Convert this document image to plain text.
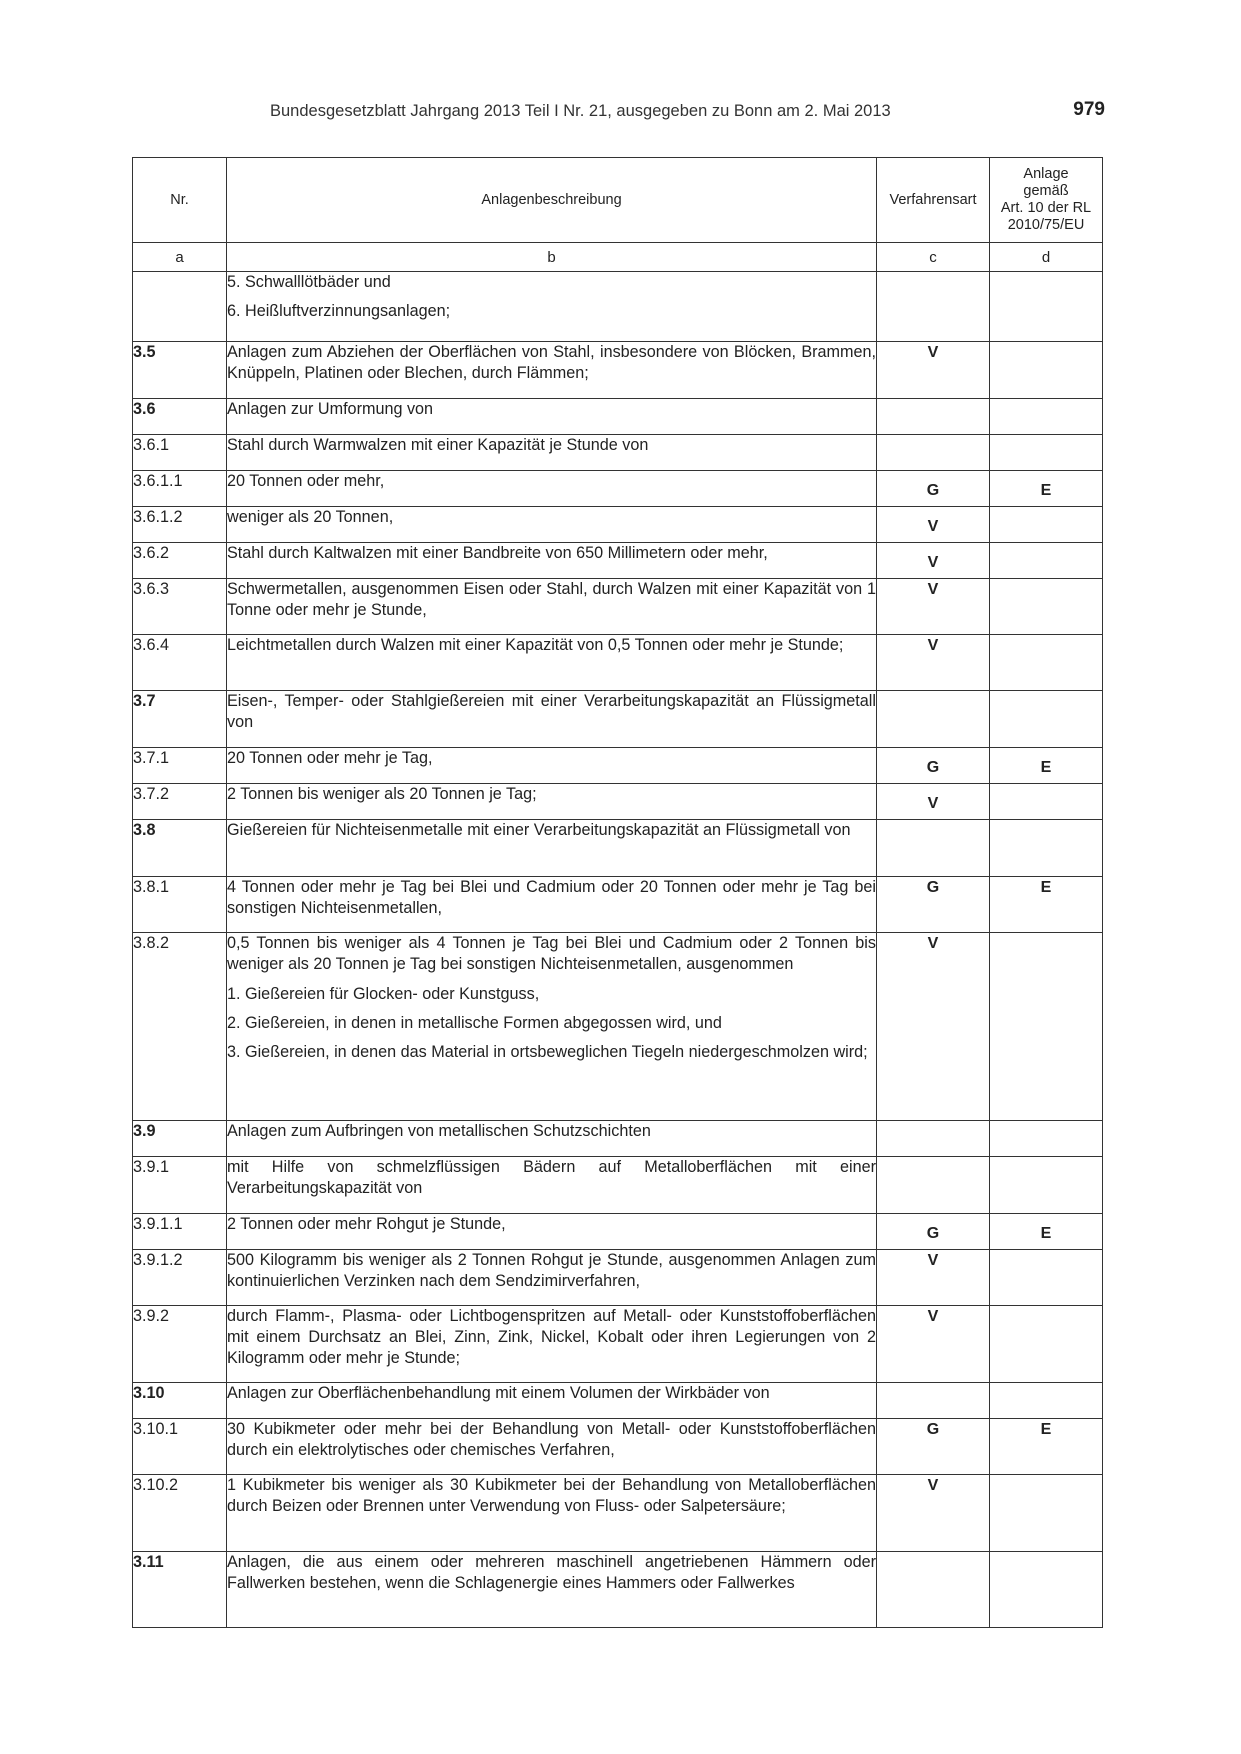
Bundesgesetzblatt Jahrgang 2013 Teil I Nr. 21, ausgegeben zu Bonn am 2. Mai 2013	979
Nr.	Anlagenbeschreibung	Verfahrensart	Anlage
gemäß
Art. 10 der RL
2010/75/EU
a	b	c	d

	5. Schwalllötbäder und
6. Heißluftverzinnungsanlagen;		

3.5	Anlagen zum Abziehen der Oberflächen von Stahl, insbesondere von Blöcken, Brammen, Knüppeln, Platinen oder Blechen, durch Flämmen;	V	
3.6	Anlagen zur Umformung von		

3.6.1	Stahl durch Warmwalzen mit einer Kapazität je Stunde von		

3.6.1.1	20 Tonnen oder mehr,	G	E
3.6.1.2	weniger als 20 Tonnen,	V	
3.6.2	Stahl durch Kaltwalzen mit einer Bandbreite von 650 Millimetern oder mehr,	V	
3.6.3	Schwermetallen, ausgenommen Eisen oder Stahl, durch Walzen mit einer Kapazität von 1 Tonne oder mehr je Stunde,	V	
3.6.4	Leichtmetallen durch Walzen mit einer Kapazität von 0,5 Tonnen oder mehr je Stunde;	V	
3.7	Eisen-, Temper- oder Stahlgießereien mit einer Verarbeitungskapazität an Flüssigmetall von		

3.7.1	20 Tonnen oder mehr je Tag,	G	E
3.7.2	2 Tonnen bis weniger als 20 Tonnen je Tag;	V	
3.8	Gießereien für Nichteisenmetalle mit einer Verarbeitungskapazität an Flüssigmetall von		

3.8.1	4 Tonnen oder mehr je Tag bei Blei und Cadmium oder 20 Tonnen oder mehr je Tag bei sonstigen Nichteisenmetallen,	G	E
3.8.2	0,5 Tonnen bis weniger als 4 Tonnen je Tag bei Blei und Cadmium oder 2 Tonnen bis weniger als 20 Tonnen je Tag bei sonstigen Nichteisenmetallen, ausgenommen
1. Gießereien für Glocken- oder Kunstguss,
2. Gießereien, in denen in metallische Formen abgegossen wird, und
3. Gießereien, in denen das Material in ortsbeweglichen Tiegeln niedergeschmolzen wird;	V	
3.9	Anlagen zum Aufbringen von metallischen Schutzschichten		

3.9.1	mit Hilfe von schmelzflüssigen Bädern auf Metalloberflächen mit einer Verarbeitungskapazität von		

3.9.1.1	2 Tonnen oder mehr Rohgut je Stunde,	G	E
3.9.1.2	500 Kilogramm bis weniger als 2 Tonnen Rohgut je Stunde, ausgenommen Anlagen zum kontinuierlichen Verzinken nach dem Sendzimirverfahren,	V	
3.9.2	durch Flamm-, Plasma- oder Lichtbogenspritzen auf Metall- oder Kunststoffoberflächen mit einem Durchsatz an Blei, Zinn, Zink, Nickel, Kobalt oder ihren Legierungen von 2 Kilogramm oder mehr je Stunde;	V	
3.10	Anlagen zur Oberflächenbehandlung mit einem Volumen der Wirkbäder von		

3.10.1	30 Kubikmeter oder mehr bei der Behandlung von Metall- oder Kunststoffoberflächen durch ein elektrolytisches oder chemisches Verfahren,	G	E
3.10.2	1 Kubikmeter bis weniger als 30 Kubikmeter bei der Behandlung von Metalloberflächen durch Beizen oder Brennen unter Verwendung von Fluss- oder Salpetersäure;	V	
3.11	Anlagen, die aus einem oder mehreren maschinell angetriebenen Hämmern oder Fallwerken bestehen, wenn die Schlagenergie eines Hammers oder Fallwerkes		
